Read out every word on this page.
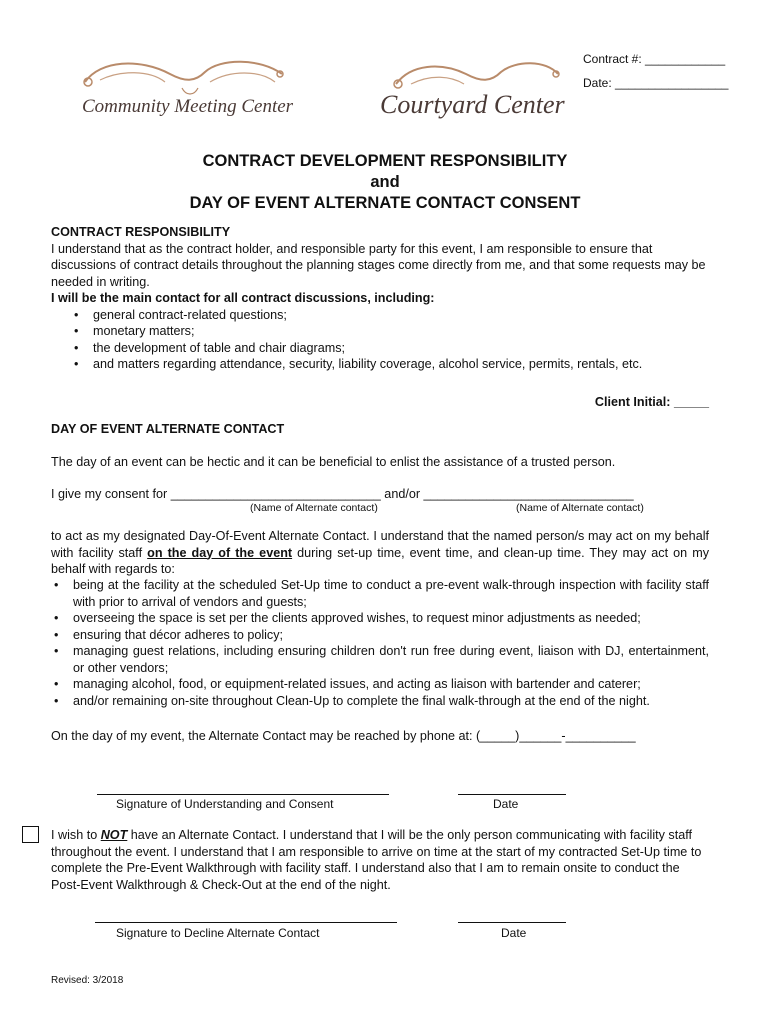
Community Meeting Center	Courtyard Center
Contract #: ____________
Date: _________________
CONTRACT DEVELOPMENT RESPONSIBILITY
and
DAY OF EVENT ALTERNATE CONTACT CONSENT
CONTRACT RESPONSIBILITY
I understand that as the contract holder, and responsible party for this event, I am responsible to ensure that discussions of contract details throughout the planning stages come directly from me, and that some requests may be needed in writing.
I will be the main contact for all contract discussions, including:
• general contract-related questions;
• monetary matters;
• the development of table and chair diagrams;
• and matters regarding attendance, security, liability coverage, alcohol service, permits, rentals, etc.
Client Initial: _____
DAY OF EVENT ALTERNATE CONTACT
The day of an event can be hectic and it can be beneficial to enlist the assistance of a trusted person.
I give my consent for ______________________________ and/or ______________________________
(Name of Alternate contact)	(Name of Alternate contact)
to act as my designated Day-Of-Event Alternate Contact. I understand that the named person/s may act on my behalf with facility staff on the day of the event during set-up time, event time, and clean-up time. They may act on my behalf with regards to:
• being at the facility at the scheduled Set-Up time to conduct a pre-event walk-through inspection with facility staff with prior to arrival of vendors and guests;
• overseeing the space is set per the clients approved wishes, to request minor adjustments as needed;
• ensuring that décor adheres to policy;
• managing guest relations, including ensuring children don't run free during event, liaison with DJ, entertainment, or other vendors;
• managing alcohol, food, or equipment-related issues, and acting as liaison with bartender and caterer;
• and/or remaining on-site throughout Clean-Up to complete the final walk-through at the end of the night.
On the day of my event, the Alternate Contact may be reached by phone at: (_____)______-__________
Signature of Understanding and Consent	Date
I wish to NOT have an Alternate Contact. I understand that I will be the only person communicating with facility staff throughout the event. I understand that I am responsible to arrive on time at the start of my contracted Set-Up time to complete the Pre-Event Walkthrough with facility staff. I understand also that I am to remain onsite to conduct the Post-Event Walkthrough & Check-Out at the end of the night.
Signature to Decline Alternate Contact	Date
Revised: 3/2018
